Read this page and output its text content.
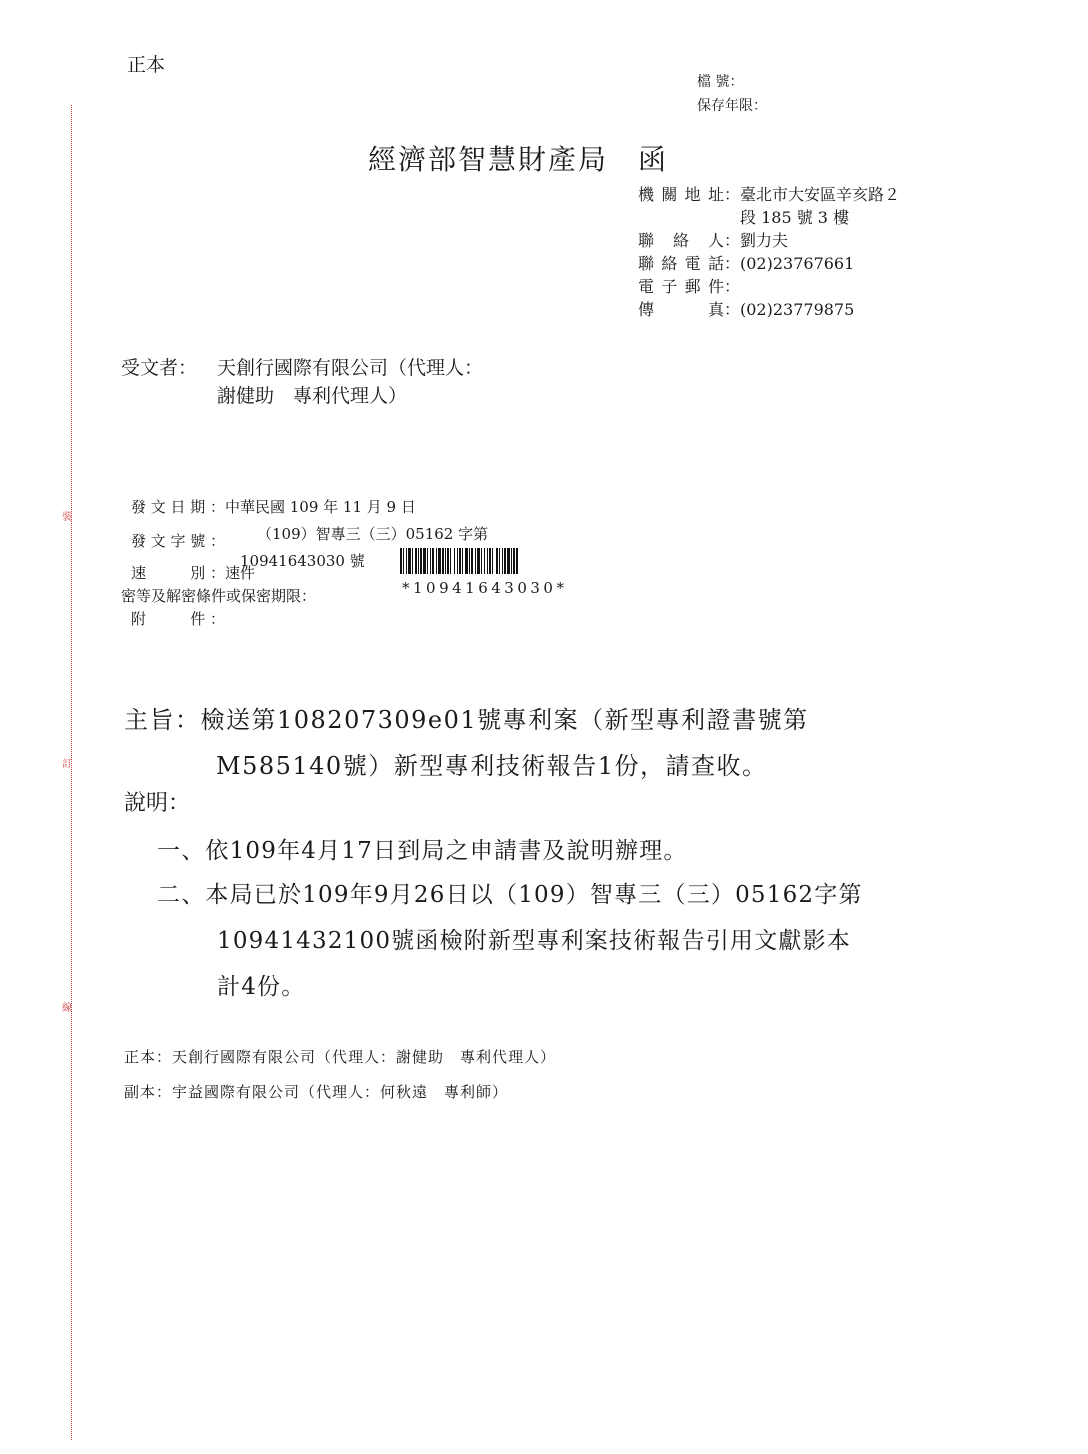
裝
訂
線
正本
檔 號：
保存年限：
經濟部智慧財產局　函
機關地址 ：臺北市大安區辛亥路２
　段 185 號 3 樓
聯 絡 人 ：劉力夫
聯絡電話 ：(02)23767661
電子郵件 ：
傳　　真 ：(02)23779875
受文者：	天創行國際有限公司（代理人：
謝健助　專利代理人）
發文日期：中華民國 109 年 11 月 9 日
發文字號：
速　　別：速件
密等及解密條件或保密期限：
附　　件：
（109）智專三（三）05162 字第
10941643030 號
*10941643030*
主旨：檢送第108207309e01號專利案（新型專利證書號第
M585140號）新型專利技術報告1份，請查收。
說明：
一、依109年4月17日到局之申請書及說明辦理。
二、本局已於109年9月26日以（109）智專三（三）05162字第
10941432100號函檢附新型專利案技術報告引用文獻影本
計4份。
正本：天創行國際有限公司（代理人：謝健助　專利代理人）
副本：宇益國際有限公司（代理人：何秋遠　專利師）
